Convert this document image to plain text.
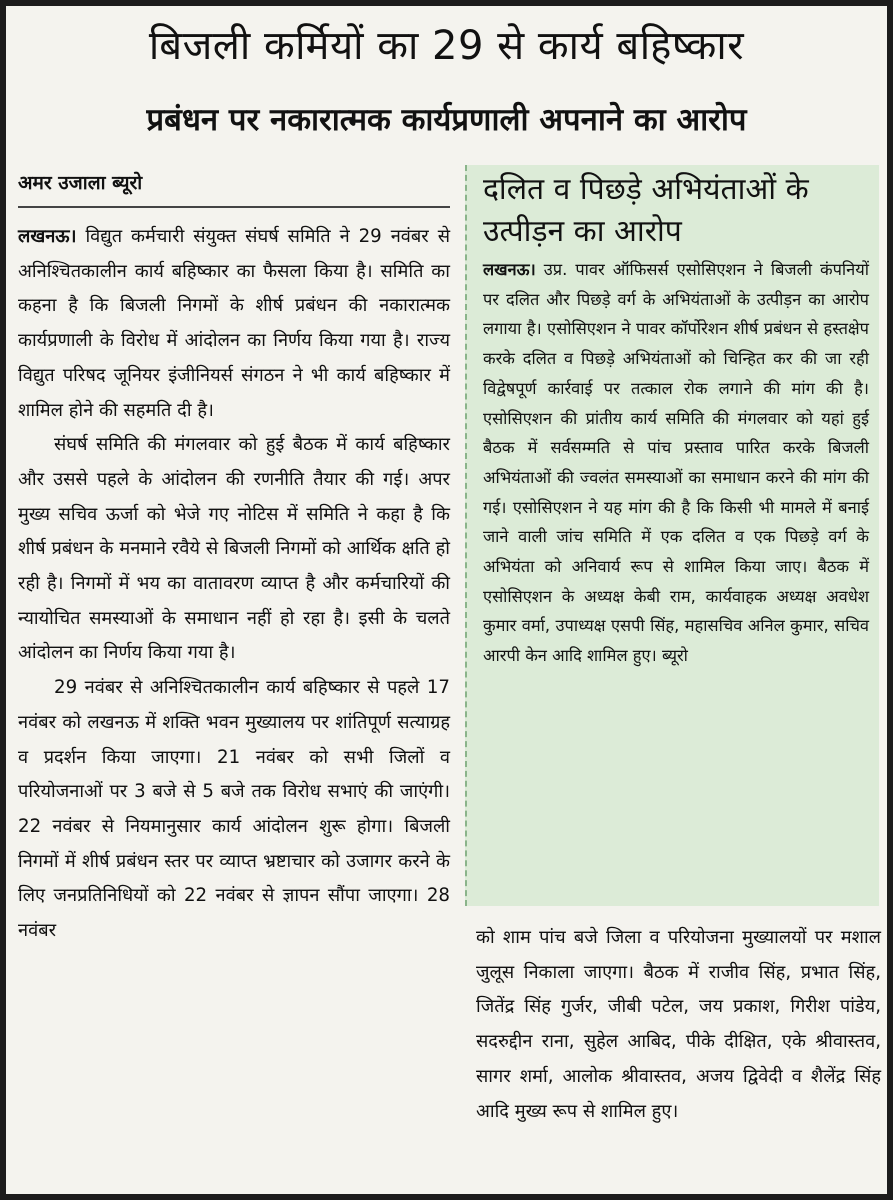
बिजली कर्मियों का 29 से कार्य बहिष्कार
प्रबंधन पर नकारात्मक कार्यप्रणाली अपनाने का आरोप
अमर उजाला ब्यूरो

लखनऊ। विद्युत कर्मचारी संयुक्त संघर्ष समिति ने 29 नवंबर से अनिश्चितकालीन कार्य बहिष्कार का फैसला किया है। समिति का कहना है कि बिजली निगमों के शीर्ष प्रबंधन की नकारात्मक कार्यप्रणाली के विरोध में आंदोलन का निर्णय किया गया है। राज्य विद्युत परिषद जूनियर इंजीनियर्स संगठन ने भी कार्य बहिष्कार में शामिल होने की सहमति दी है।

संघर्ष समिति की मंगलवार को हुई बैठक में कार्य बहिष्कार और उससे पहले के आंदोलन की रणनीति तैयार की गई। अपर मुख्य सचिव ऊर्जा को भेजे गए नोटिस में समिति ने कहा है कि शीर्ष प्रबंधन के मनमाने रवैये से बिजली निगमों को आर्थिक क्षति हो रही है। निगमों में भय का वातावरण व्याप्त है और कर्मचारियों की न्यायोचित समस्याओं के समाधान नहीं हो रहा है। इसी के चलते आंदोलन का निर्णय किया गया है।

29 नवंबर से अनिश्चितकालीन कार्य बहिष्कार से पहले 17 नवंबर को लखनऊ में शक्ति भवन मुख्यालय पर शांतिपूर्ण सत्याग्रह व प्रदर्शन किया जाएगा। 21 नवंबर को सभी जिलों व परियोजनाओं पर 3 बजे से 5 बजे तक विरोध सभाएं की जाएंगी। 22 नवंबर से नियमानुसार कार्य आंदोलन शुरू होगा। बिजली निगमों में शीर्ष प्रबंधन स्तर पर व्याप्त भ्रष्टाचार को उजागर करने के लिए जनप्रतिनिधियों को 22 नवंबर से ज्ञापन सौंपा जाएगा। 28 नवंबर

दलित व पिछड़े अभियंताओं के उत्पीड़न का आरोप

लखनऊ। उप्र. पावर ऑफिसर्स एसोसिएशन ने बिजली कंपनियों पर दलित और पिछड़े वर्ग के अभियंताओं के उत्पीड़न का आरोप लगाया है। एसोसिएशन ने पावर कॉर्पोरेशन शीर्ष प्रबंधन से हस्तक्षेप करके दलित व पिछड़े अभियंताओं को चिन्हित कर की जा रही विद्वेषपूर्ण कार्रवाई पर तत्काल रोक लगाने की मांग की है। एसोसिएशन की प्रांतीय कार्य समिति की मंगलवार को यहां हुई बैठक में सर्वसम्मति से पांच प्रस्ताव पारित करके बिजली अभियंताओं की ज्वलंत समस्याओं का समाधान करने की मांग की गई। एसोसिएशन ने यह मांग की है कि किसी भी मामले में बनाई जाने वाली जांच समिति में एक दलित व एक पिछड़े वर्ग के अभियंता को अनिवार्य रूप से शामिल किया जाए। बैठक में एसोसिएशन के अध्यक्ष केबी राम, कार्यवाहक अध्यक्ष अवधेश कुमार वर्मा, उपाध्यक्ष एसपी सिंह, महासचिव अनिल कुमार, सचिव आरपी केन आदि शामिल हुए। ब्यूरो

को शाम पांच बजे जिला व परियोजना मुख्यालयों पर मशाल जुलूस निकाला जाएगा। बैठक में राजीव सिंह, प्रभात सिंह, जितेंद्र सिंह गुर्जर, जीबी पटेल, जय प्रकाश, गिरीश पांडेय, सदरुद्दीन राना, सुहेल आबिद, पीके दीक्षित, एके श्रीवास्तव, सागर शर्मा, आलोक श्रीवास्तव, अजय द्विवेदी व शैलेंद्र सिंह आदि मुख्य रूप से शामिल हुए।
